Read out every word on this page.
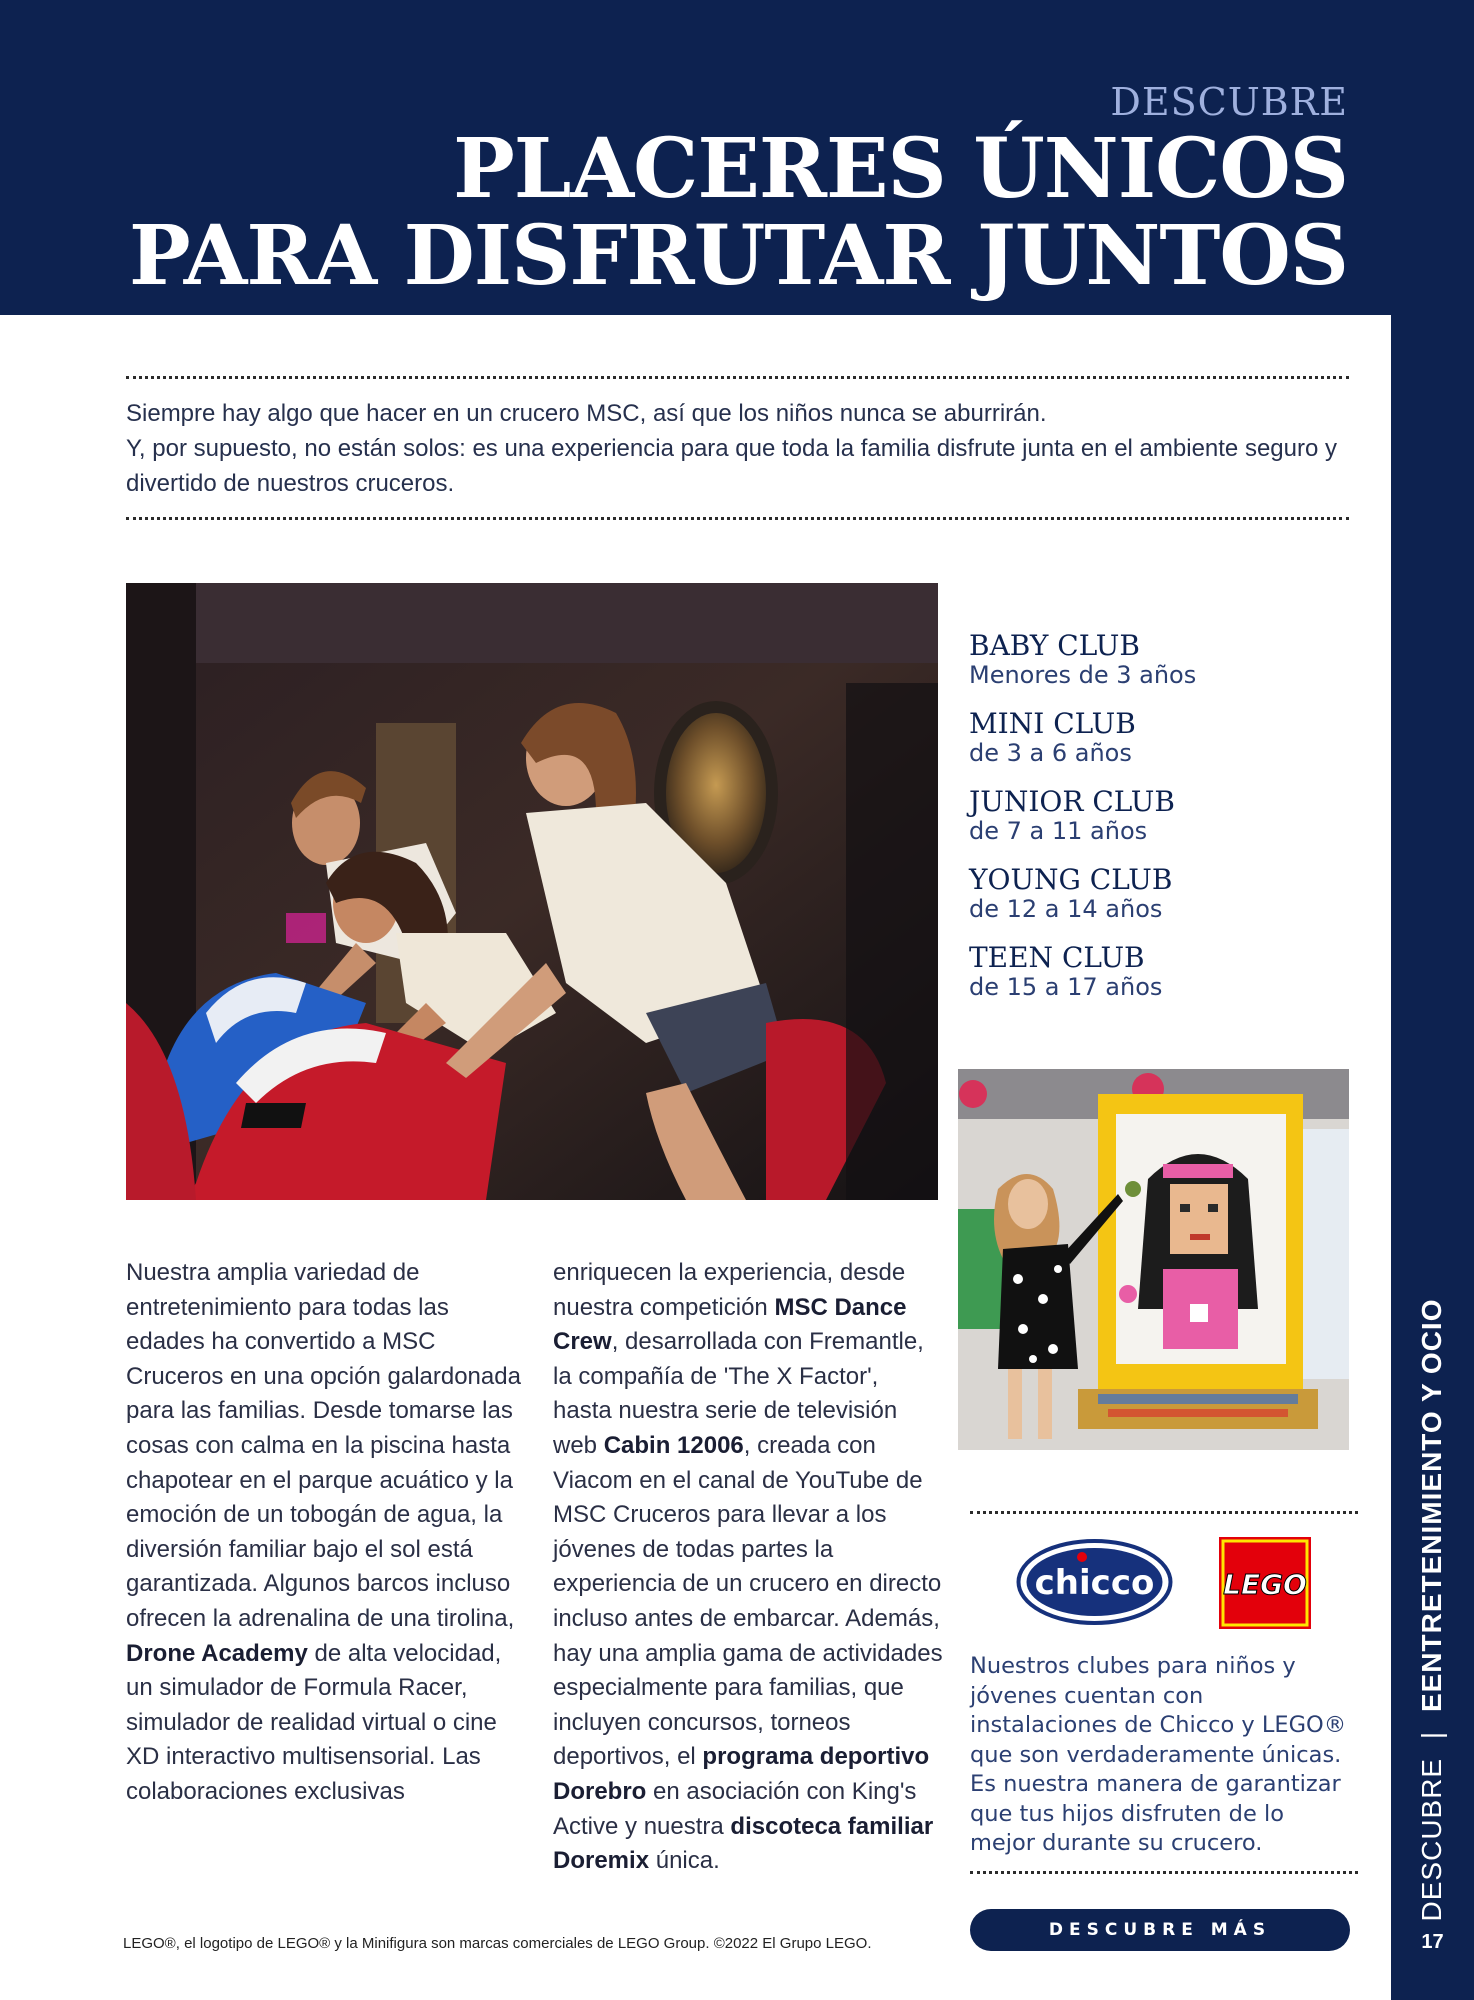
DESCUBRE
PLACERES ÚNICOS
PARA DISFRUTAR JUNTOS
DESCUBRE | EENTRETENIMIENTO Y OCIO
17

Siempre hay algo que hacer en un crucero MSC, así que los niños nunca se aburrirán.

Y, por supuesto, no están solos: es una experiencia para que toda la familia disfrute junta en el ambiente seguro y divertido de nuestros cruceros.

BABY CLUB
Menores de 3 años
MINI CLUB
de 3 a 6 años
JUNIOR CLUB
de 7 a 11 años
YOUNG CLUB
de 12 a 14 años
TEEN CLUB
de 15 a 17 años

Nuestra amplia variedad de entretenimiento para todas las edades ha convertido a MSC Cruceros en una opción galardonada para las familias. Desde tomarse las cosas con calma en la piscina hasta chapotear en el parque acuático y la emoción de un tobogán de agua, la diversión familiar bajo el sol está garantizada. Algunos barcos incluso ofrecen la adrenalina de una tirolina, Drone Academy de alta velocidad, un simulador de Formula Racer, simulador de realidad virtual o cine XD interactivo multisensorial. Las colaboraciones exclusivas

enriquecen la experiencia, desde nuestra competición MSC Dance Crew, desarrollada con Fremantle, la compañía de 'The X Factor', hasta nuestra serie de televisión web Cabin 12006, creada con Viacom en el canal de YouTube de MSC Cruceros para llevar a los jóvenes de todas partes la experiencia de un crucero en directo incluso antes de embarcar. Además, hay una amplia gama de actividades especialmente para familias, que incluyen concursos, torneos deportivos, el programa deportivo Dorebro en asociación con King's Active y nuestra discoteca familiar Doremix única.

chicco LEGO

Nuestros clubes para niños y jóvenes cuentan con instalaciones de Chicco y LEGO® que son verdaderamente únicas.

Es nuestra manera de garantizar que tus hijos disfruten de lo mejor durante su crucero.

DESCUBRE MÁS
LEGO®, el logotipo de LEGO® y la Minifigura son marcas comerciales de LEGO Group. ©2022 El Grupo LEGO.
